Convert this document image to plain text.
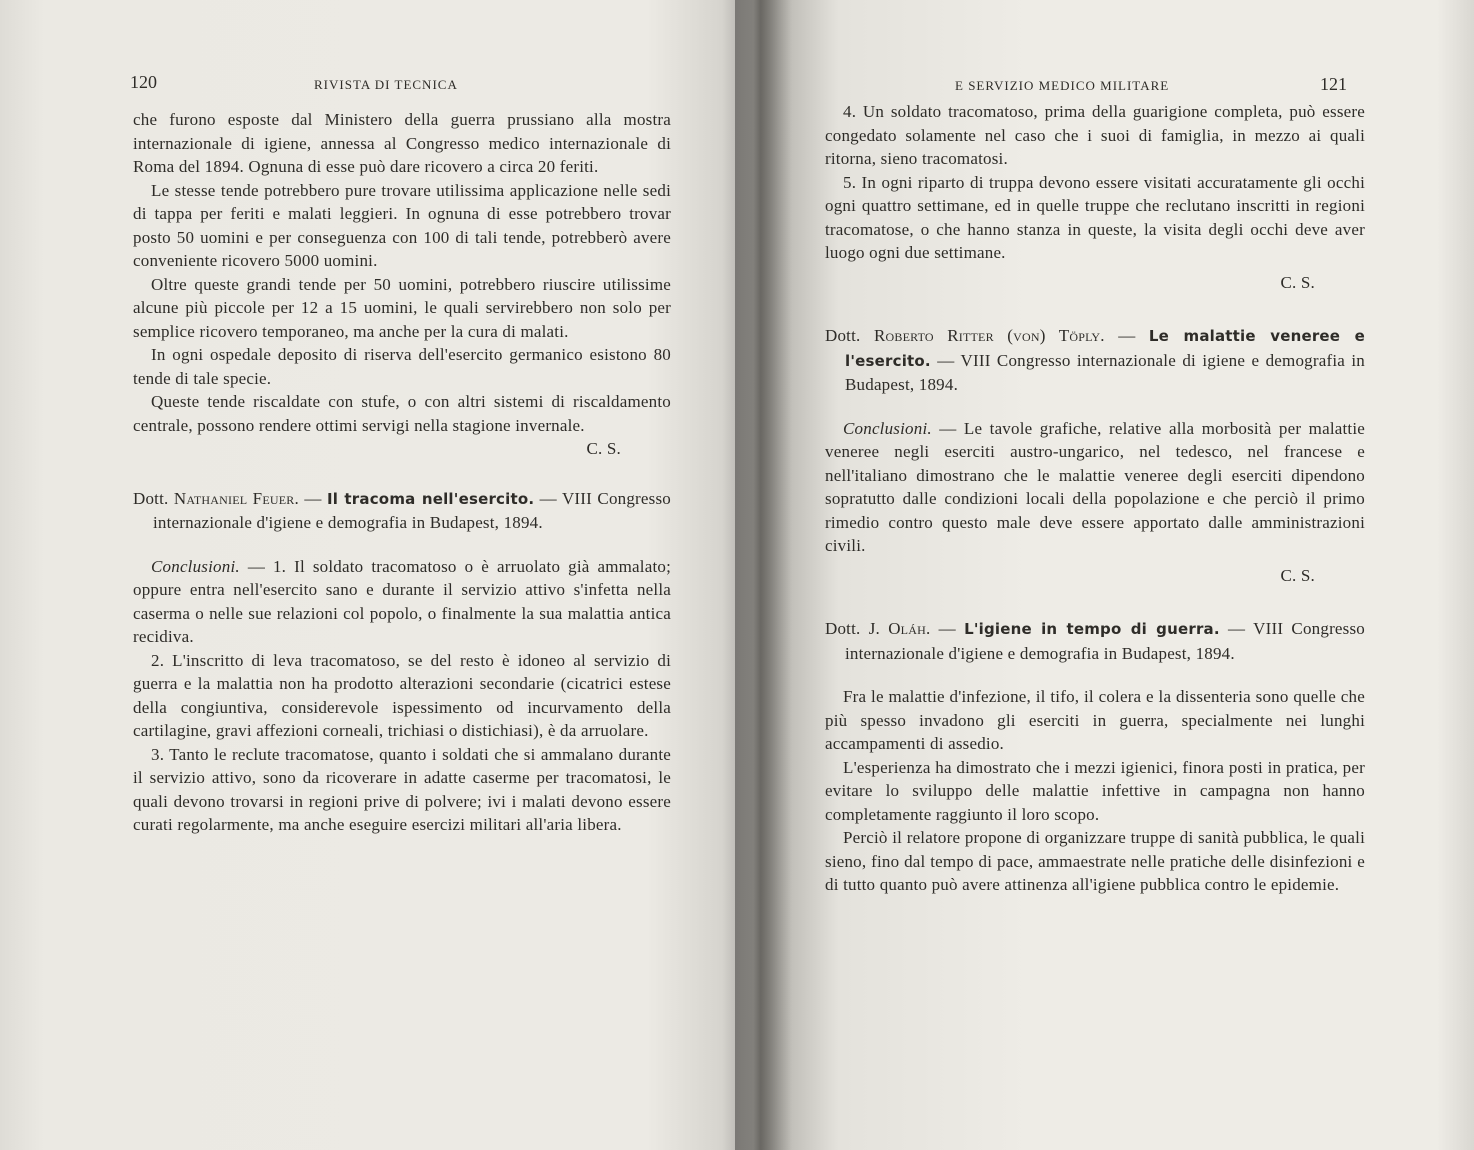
120	RIVISTA DI TECNICA

che furono esposte dal Ministero della guerra prussiano alla mostra internazionale di igiene, annessa al Congresso medico internazionale di Roma del 1894. Ognuna di esse può dare ricovero a circa 20 feriti.

Le stesse tende potrebbero pure trovare utilissima applicazione nelle sedi di tappa per feriti e malati leggieri. In ognuna di esse potrebbero trovar posto 50 uomini e per conseguenza con 100 di tali tende, potrebberò avere conveniente ricovero 5000 uomini.

Oltre queste grandi tende per 50 uomini, potrebbero riuscire utilissime alcune più piccole per 12 a 15 uomini, le quali servirebbero non solo per semplice ricovero temporaneo, ma anche per la cura di malati.

In ogni ospedale deposito di riserva dell'esercito germanico esistono 80 tende di tale specie.

Queste tende riscaldate con stufe, o con altri sistemi di riscaldamento centrale, possono rendere ottimi servigi nella stagione invernale.

C. S.

Dott. Nathaniel Feuer. — Il tracoma nell'esercito. — VIII Congresso internazionale d'igiene e demografia in Budapest, 1894.

Conclusioni. — 1. Il soldato tracomatoso o è arruolato già ammalato; oppure entra nell'esercito sano e durante il servizio attivo s'infetta nella caserma o nelle sue relazioni col popolo, o finalmente la sua malattia antica recidiva.

2. L'inscritto di leva tracomatoso, se del resto è idoneo al servizio di guerra e la malattia non ha prodotto alterazioni secondarie (cicatrici estese della congiuntiva, considerevole ispessimento od incurvamento della cartilagine, gravi affezioni corneali, trichiasi o distichiasi), è da arruolare.

3. Tanto le reclute tracomatose, quanto i soldati che si ammalano durante il servizio attivo, sono da ricoverare in adatte caserme per tracomatosi, le quali devono trovarsi in regioni prive di polvere; ivi i malati devono essere curati regolarmente, ma anche eseguire esercizi militari all'aria libera.

E SERVIZIO MEDICO MILITARE	121

4. Un soldato tracomatoso, prima della guarigione completa, può essere congedato solamente nel caso che i suoi di famiglia, in mezzo ai quali ritorna, sieno tracomatosi.

5. In ogni riparto di truppa devono essere visitati accuratamente gli occhi ogni quattro settimane, ed in quelle truppe che reclutano inscritti in regioni tracomatose, o che hanno stanza in queste, la visita degli occhi deve aver luogo ogni due settimane.

C. S.

Dott. Roberto Ritter (von) Töply. — Le malattie veneree e l'esercito. — VIII Congresso internazionale di igiene e demografia in Budapest, 1894.

Conclusioni. — Le tavole grafiche, relative alla morbosità per malattie veneree negli eserciti austro-ungarico, nel tedesco, nel francese e nell'italiano dimostrano che le malattie veneree degli eserciti dipendono sopratutto dalle condizioni locali della popolazione e che perciò il primo rimedio contro questo male deve essere apportato dalle amministrazioni civili.

C. S.

Dott. J. Oláh. — L'igiene in tempo di guerra. — VIII Congresso internazionale d'igiene e demografia in Budapest, 1894.

Fra le malattie d'infezione, il tifo, il colera e la dissenteria sono quelle che più spesso invadono gli eserciti in guerra, specialmente nei lunghi accampamenti di assedio.

L'esperienza ha dimostrato che i mezzi igienici, finora posti in pratica, per evitare lo sviluppo delle malattie infettive in campagna non hanno completamente raggiunto il loro scopo.

Perciò il relatore propone di organizzare truppe di sanità pubblica, le quali sieno, fino dal tempo di pace, ammaestrate nelle pratiche delle disinfezioni e di tutto quanto può avere attinenza all'igiene pubblica contro le epidemie.
